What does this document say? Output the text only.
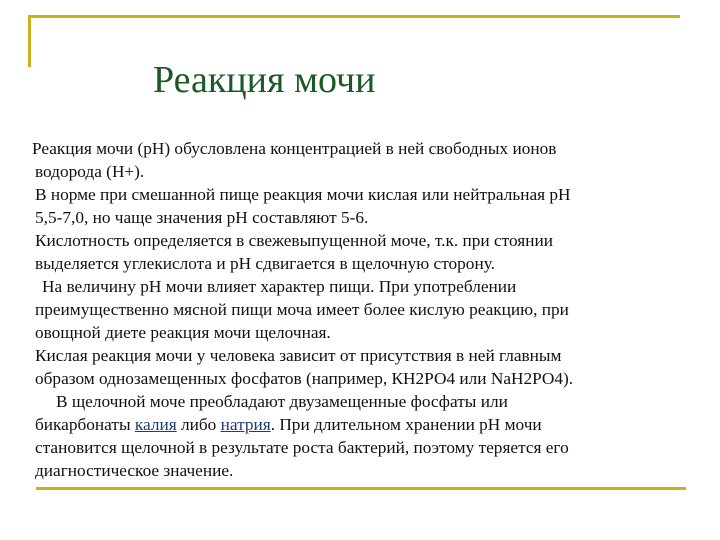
Реакция мочи
Реакция мочи (рН) обусловлена концентрацией в ней свободных ионов
водорода (Н+).
В норме при смешанной пище реакция мочи кислая или нейтральная рН
5,5-7,0, но чаще значения рН составляют 5-6.
Кислотность определяется в свежевыпущенной моче, т.к. при стоянии
выделяется углекислота и рН сдвигается в щелочную сторону.
На величину рН мочи влияет характер пищи. При употреблении
преимущественно мясной пищи моча имеет более кислую реакцию, при
овощной диете реакция мочи щелочная.
Кислая реакция мочи у человека зависит от присутствия в ней главным
образом однозамещенных фосфатов (например, КН2РО4 или NaН2РО4).
В щелочной моче преобладают двузамещенные фосфаты или
бикарбонаты калия либо натрия. При длительном хранении рН мочи
становится щелочной в результате роста бактерий, поэтому теряется его
диагностическое значение.
